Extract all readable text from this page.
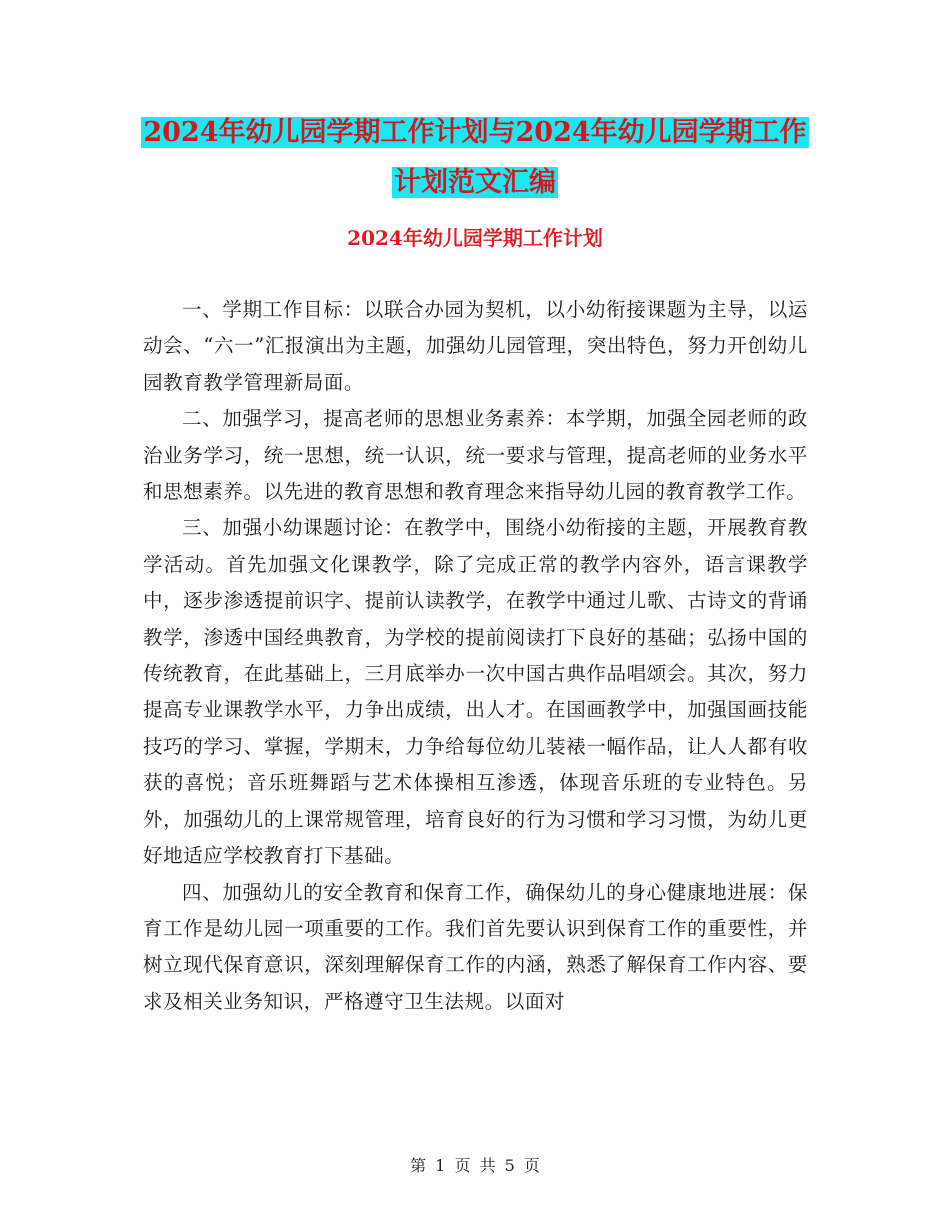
2024年幼儿园学期工作计划与2024年幼儿园学期工作
计划范文汇编
2024年幼儿园学期工作计划

一、学期工作目标：以联合办园为契机，以小幼衔接课题为主导，以运动会、“六一”汇报演出为主题，加强幼儿园管理，突出特色，努力开创幼儿园教育教学管理新局面。

二、加强学习，提高老师的思想业务素养：本学期，加强全园老师的政治业务学习，统一思想，统一认识，统一要求与管理，提高老师的业务水平和思想素养。以先进的教育思想和教育理念来指导幼儿园的教育教学工作。

三、加强小幼课题讨论：在教学中，围绕小幼衔接的主题，开展教育教学活动。首先加强文化课教学，除了完成正常的教学内容外，语言课教学中，逐步渗透提前识字、提前认读教学，在教学中通过儿歌、古诗文的背诵教学，渗透中国经典教育，为学校的提前阅读打下良好的基础；弘扬中国的传统教育，在此基础上，三月底举办一次中国古典作品唱颂会。其次，努力提高专业课教学水平，力争出成绩，出人才。在国画教学中，加强国画技能技巧的学习、掌握，学期末，力争给每位幼儿装裱一幅作品，让人人都有收获的喜悦；音乐班舞蹈与艺术体操相互渗透，体现音乐班的专业特色。另外，加强幼儿的上课常规管理，培育良好的行为习惯和学习习惯，为幼儿更好地适应学校教育打下基础。

四、加强幼儿的安全教育和保育工作，确保幼儿的身心健康地进展：保育工作是幼儿园一项重要的工作。我们首先要认识到保育工作的重要性，并树立现代保育意识，深刻理解保育工作的内涵，熟悉了解保育工作内容、要求及相关业务知识，严格遵守卫生法规。以面对

第 1 页 共 5 页
